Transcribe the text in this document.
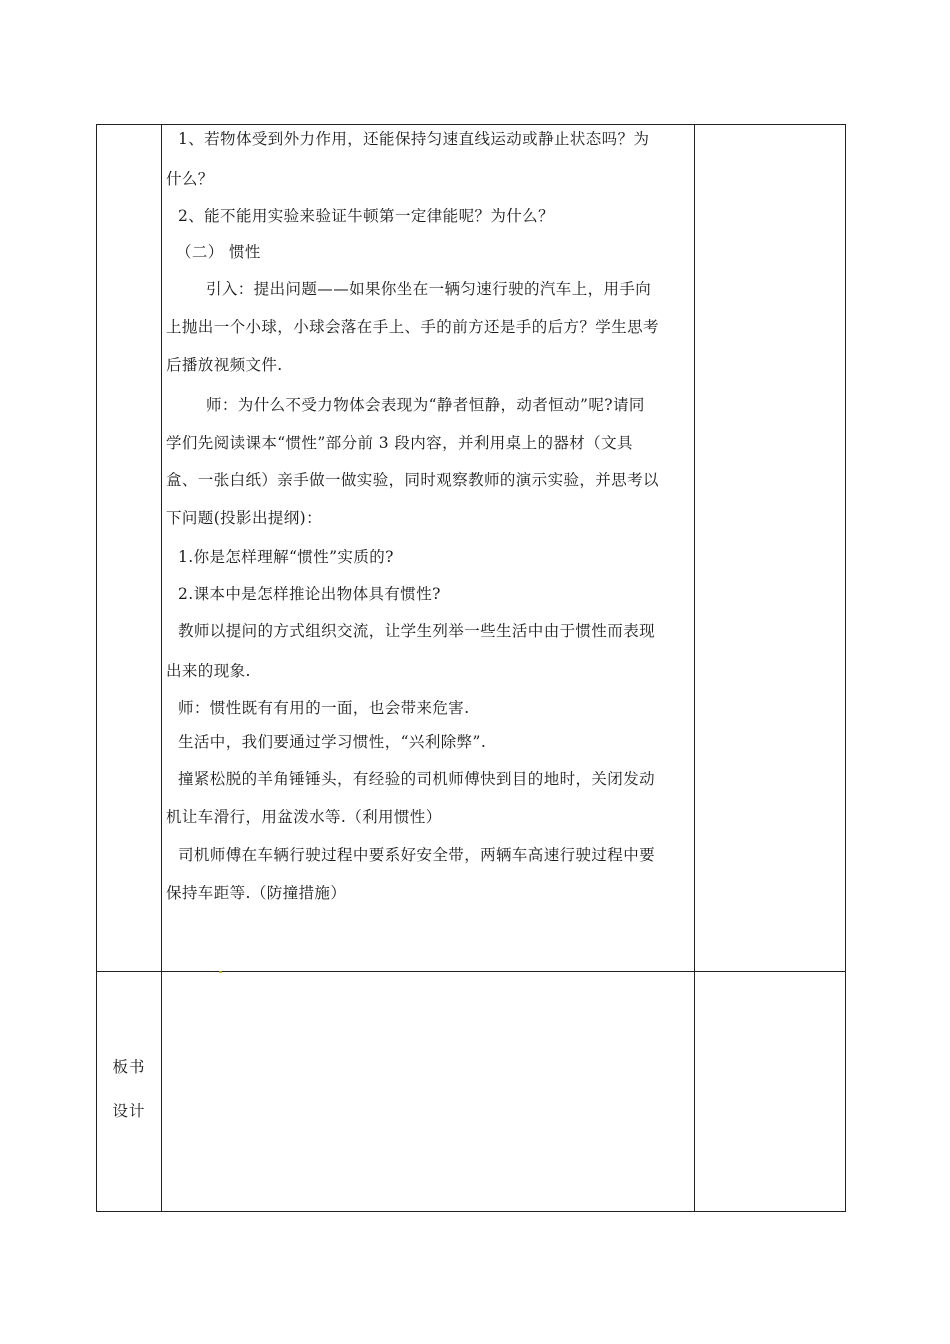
1、若物体受到外力作用，还能保持匀速直线运动或静止状态吗？为
什么？
2、能不能用实验来验证牛顿第一定律能呢？为什么？
（二） 惯性
引入：提出问题——如果你坐在一辆匀速行驶的汽车上，用手向
上抛出一个小球，小球会落在手上、手的前方还是手的后方？学生思考
后播放视频文件.
师：为什么不受力物体会表现为“静者恒静，动者恒动”呢?请同
学们先阅读课本“惯性”部分前 3 段内容，并利用桌上的器材（文具
盒、一张白纸）亲手做一做实验，同时观察教师的演示实验，并思考以
下问题(投影出提纲)：
1.你是怎样理解“惯性”实质的?
2.课本中是怎样推论出物体具有惯性?
教师以提问的方式组织交流，让学生列举一些生活中由于惯性而表现
出来的现象.
师：惯性既有有用的一面，也会带来危害.
生活中，我们要通过学习惯性，“兴利除弊”.
撞紧松脱的羊角锤锤头，有经验的司机师傅快到目的地时，关闭发动
机让车滑行，用盆泼水等.（利用惯性）
司机师傅在车辆行驶过程中要系好安全带，两辆车高速行驶过程中要
保持车距等.（防撞措施）
板书
设计
